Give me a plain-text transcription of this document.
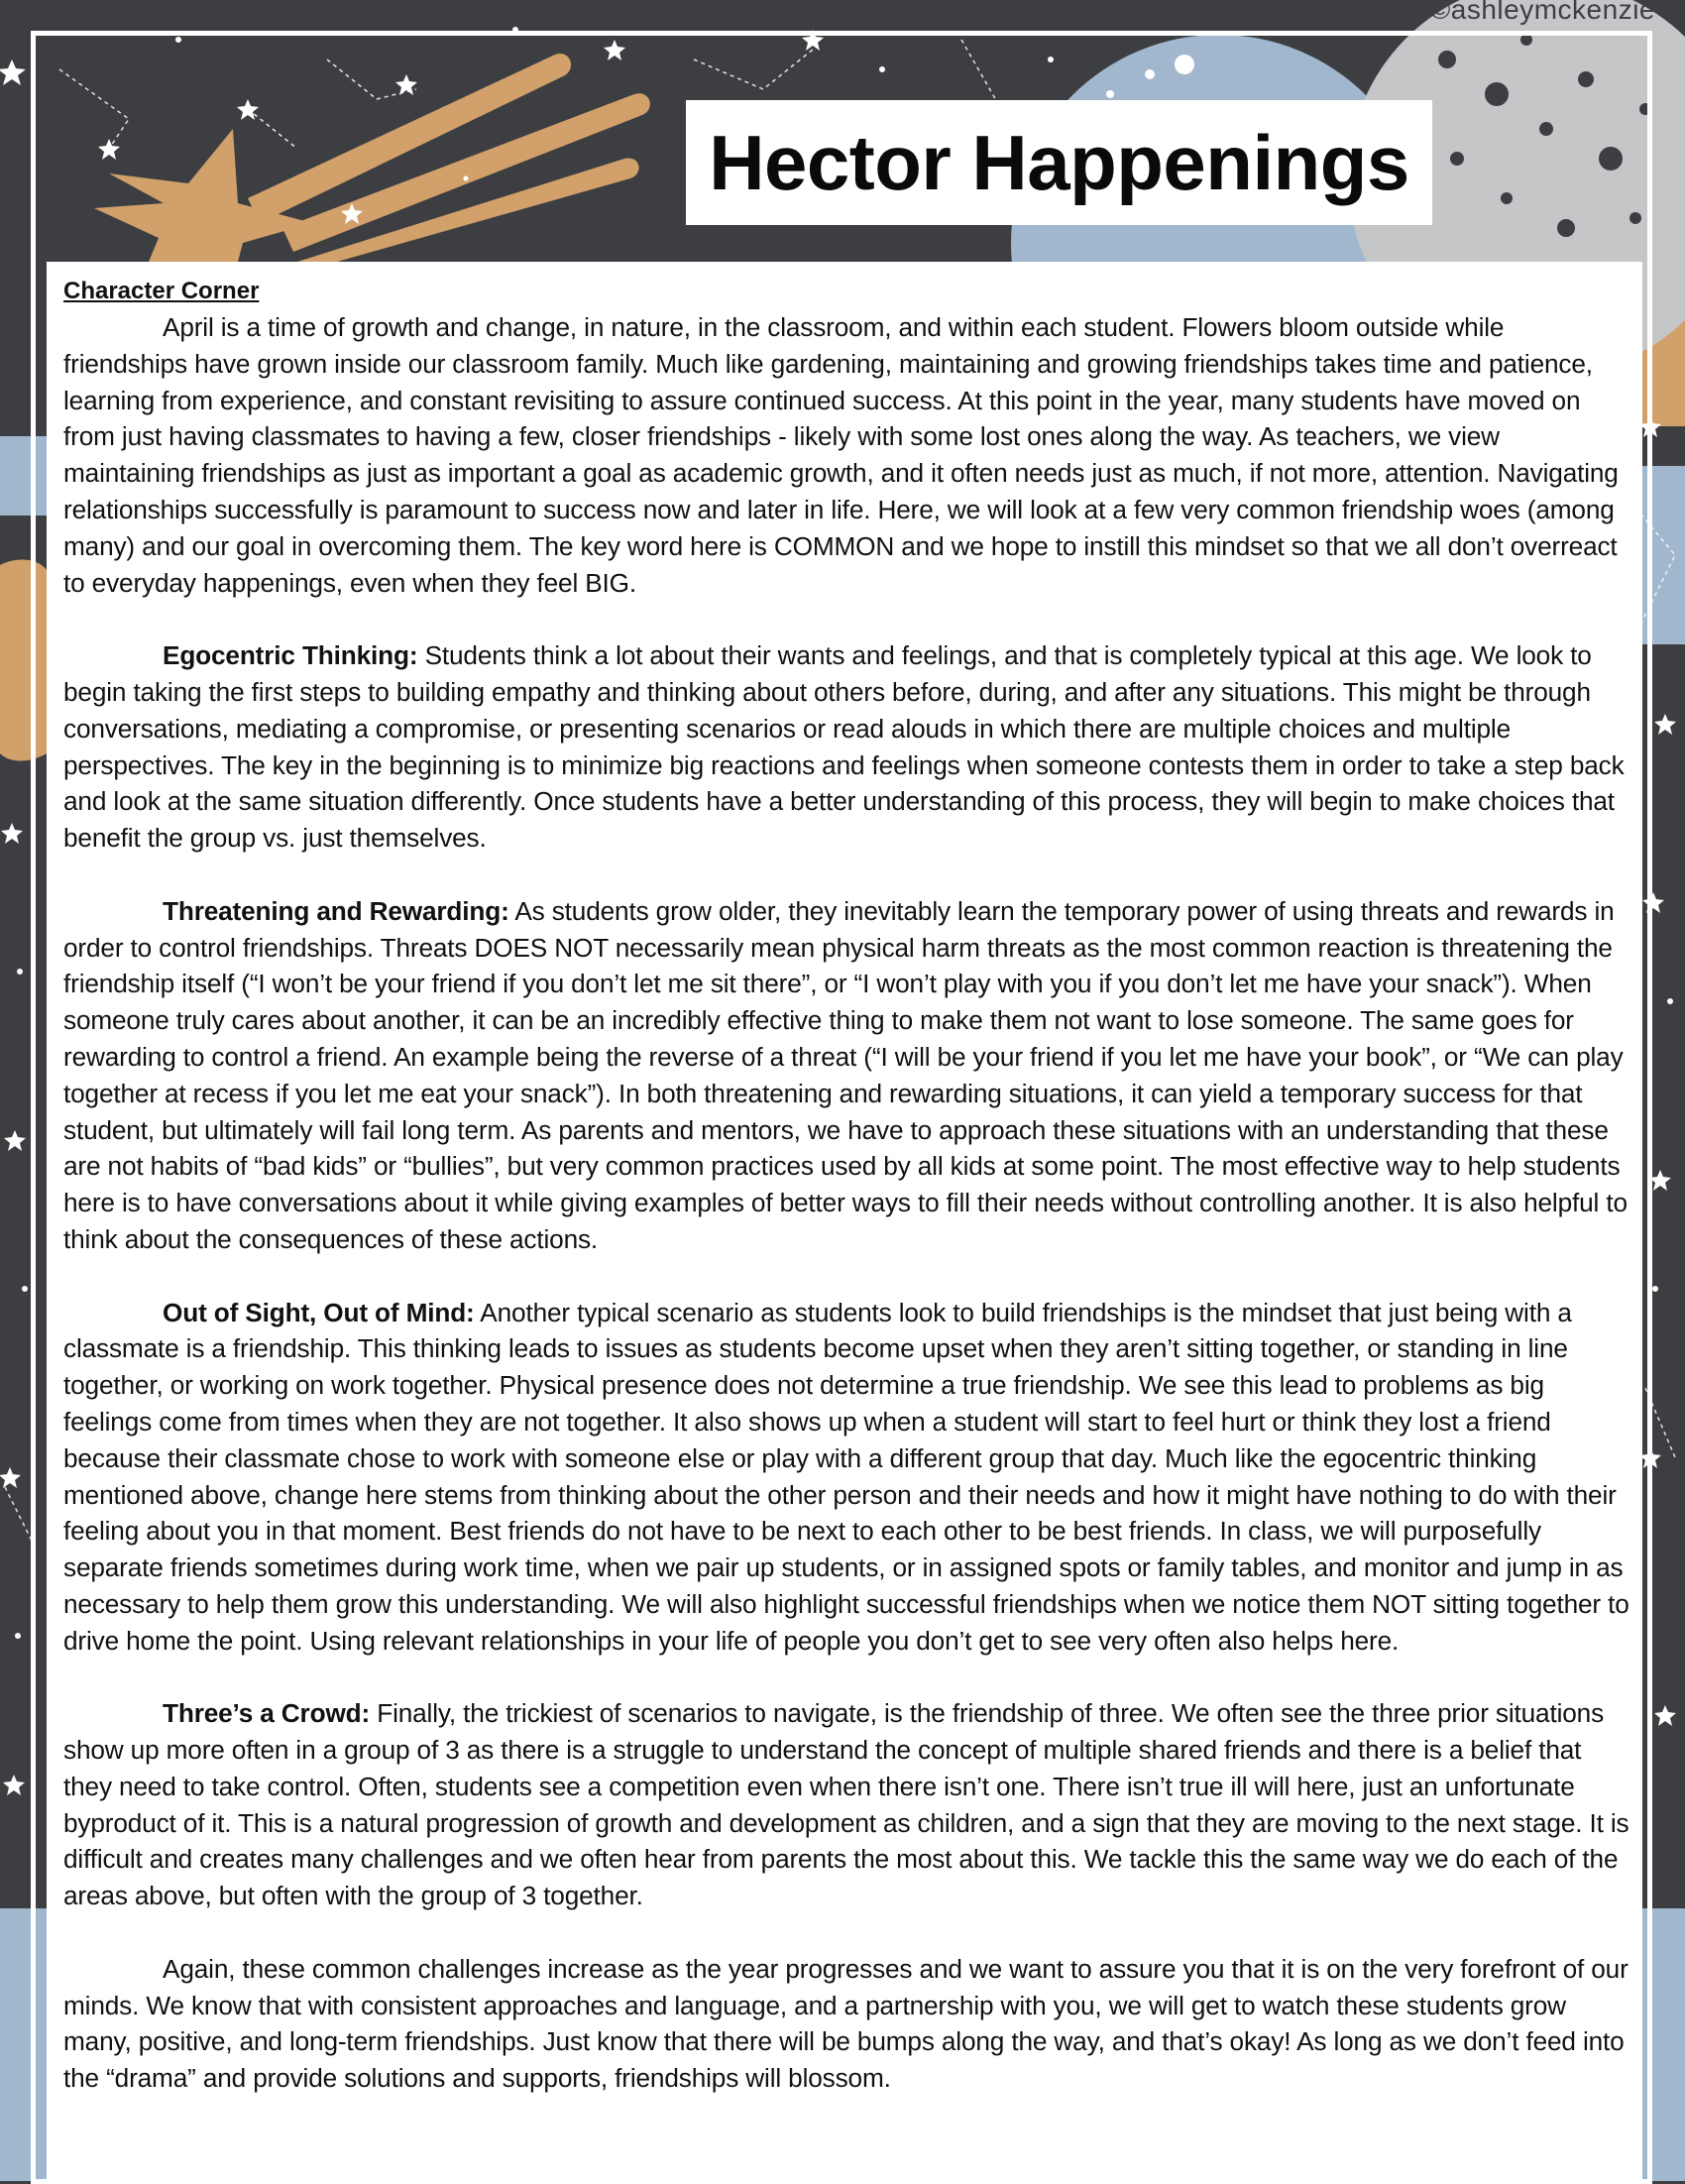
©ashleymckenzie
Hector Happenings

Character Corner

April is a time of growth and change, in nature, in the classroom, and within each student. Flowers bloom outside while friendships have grown inside our classroom family. Much like gardening, maintaining and growing friendships takes time and patience, learning from experience, and constant revisiting to assure continued success. At this point in the year, many students have moved on from just having classmates to having a few, closer friendships - likely with some lost ones along the way. As teachers, we view maintaining friendships as just as important a goal as academic growth, and it often needs just as much, if not more, attention. Navigating relationships successfully is paramount to success now and later in life. Here, we will look at a few very common friendship woes (among many) and our goal in overcoming them. The key word here is COMMON and we hope to instill this mindset so that we all don’t overreact to everyday happenings, even when they feel BIG.

Egocentric Thinking: Students think a lot about their wants and feelings, and that is completely typical at this age. We look to begin taking the first steps to building empathy and thinking about others before, during, and after any situations. This might be through conversations, mediating a compromise, or presenting scenarios or read alouds in which there are multiple choices and multiple perspectives. The key in the beginning is to minimize big reactions and feelings when someone contests them in order to take a step back and look at the same situation differently. Once students have a better understanding of this process, they will begin to make choices that benefit the group vs. just themselves.

Threatening and Rewarding: As students grow older, they inevitably learn the temporary power of using threats and rewards in order to control friendships. Threats DOES NOT necessarily mean physical harm threats as the most common reaction is threatening the friendship itself (“I won’t be your friend if you don’t let me sit there”, or “I won’t play with you if you don’t let me have your snack”). When someone truly cares about another, it can be an incredibly effective thing to make them not want to lose someone. The same goes for rewarding to control a friend. An example being the reverse of a threat (“I will be your friend if you let me have your book”, or “We can play together at recess if you let me eat your snack”). In both threatening and rewarding situations, it can yield a temporary success for that student, but ultimately will fail long term. As parents and mentors, we have to approach these situations with an understanding that these are not habits of “bad kids” or “bullies”, but very common practices used by all kids at some point. The most effective way to help students here is to have conversations about it while giving examples of better ways to fill their needs without controlling another. It is also helpful to think about the consequences of these actions.

Out of Sight, Out of Mind: Another typical scenario as students look to build friendships is the mindset that just being with a classmate is a friendship. This thinking leads to issues as students become upset when they aren’t sitting together, or standing in line together, or working on work together. Physical presence does not determine a true friendship. We see this lead to problems as big feelings come from times when they are not together. It also shows up when a student will start to feel hurt or think they lost a friend because their classmate chose to work with someone else or play with a different group that day. Much like the egocentric thinking mentioned above, change here stems from thinking about the other person and their needs and how it might have nothing to do with their feeling about you in that moment. Best friends do not have to be next to each other to be best friends. In class, we will purposefully separate friends sometimes during work time, when we pair up students, or in assigned spots or family tables, and monitor and jump in as necessary to help them grow this understanding. We will also highlight successful friendships when we notice them NOT sitting together to drive home the point. Using relevant relationships in your life of people you don’t get to see very often also helps here.

Three’s a Crowd: Finally, the trickiest of scenarios to navigate, is the friendship of three. We often see the three prior situations show up more often in a group of 3 as there is a struggle to understand the concept of multiple shared friends and there is a belief that they need to take control. Often, students see a competition even when there isn’t one. There isn’t true ill will here, just an unfortunate byproduct of it. This is a natural progression of growth and development as children, and a sign that they are moving to the next stage. It is difficult and creates many challenges and we often hear from parents the most about this. We tackle this the same way we do each of the areas above, but often with the group of 3 together.

Again, these common challenges increase as the year progresses and we want to assure you that it is on the very forefront of our minds. We know that with consistent approaches and language, and a partnership with you, we will get to watch these students grow many, positive, and long-term friendships. Just know that there will be bumps along the way, and that’s okay! As long as we don’t feed into the “drama” and provide solutions and supports, friendships will blossom.
